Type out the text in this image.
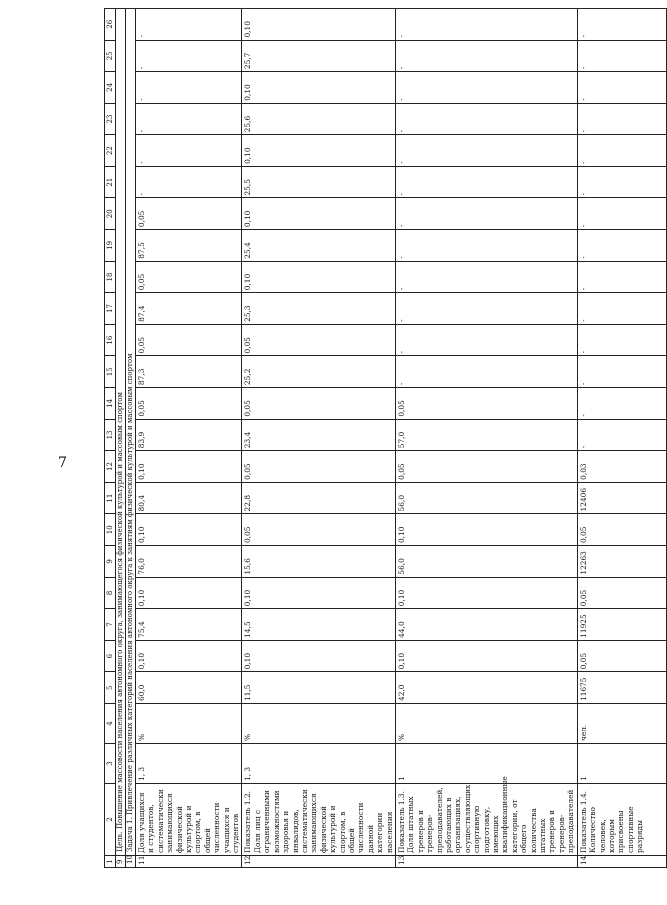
7
1	2	3	4	5	6	7	8	9	10	11	12	13	14	15	16	17	18	19	20	21	22	23	24	25	26
9	Цель. Повышение массовости населения автономного округа, занимающегося физической культурой и массовым спортом																								
10	Задача 1. Привлечение различных категорий населения автономного округа к занятиям физической культурой и массовым спортом																								
11	Доля учащихся и студентов, систематически занимающихся физической культурой и спортом, в общей численности учащихся и студентов	1, 3	%	60,0	0,10	75,4	0,10	76,0	0,10	80,4	0,10	83,9	0,05	87,3	0,05	87,4	0,05	87,5	0,05	-	-	-	-	-	-
12	Показатель 1.2. Доля лиц с ограниченными возможностями здоровья и инвалидов, систематически занимающихся физической культурой и спортом, в общей численности данной категории населения	1, 3	%	11,5	0,10	14,5	0,10	15,6	0,05	22,8	0,05	23,4	0,05	25,2	0,05	25,3	0,10	25,4	0,10	25,5	0,10	25,6	0,10	25,7	0,10
13	Показатель 1.3. Доля штатных тренеров и тренеров-преподавателей, работающих в организациях, осуществляющих спортивную подготовку, имеющих квалификационные категории, от общего количества штатных тренеров и тренеров-преподавателей	1	%	42,0	0,10	44,0	0,10	56,0	0,10	56,0	0,05	57,0	0,05	-	-	-	-	-	-	-	-	-	-	-	-
14	Показатель 1.4. Количество человек, которым присвоены спортивные разряды	1	чел.	11675	0,05	11925	0,05	12263	0,05	12406	0,03	-	-	-	-	-	-	-	-	-	-	-	-	-	-
